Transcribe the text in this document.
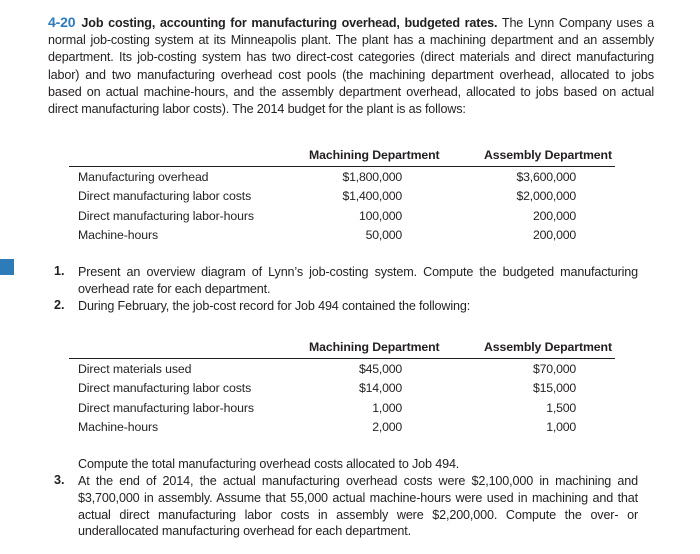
4-20 Job costing, accounting for manufacturing overhead, budgeted rates. The Lynn Company uses a normal job-costing system at its Minneapolis plant. The plant has a machining department and an assembly department. Its job-costing system has two direct-cost categories (direct materials and direct manufacturing labor) and two manufacturing overhead cost pools (the machining department overhead, allocated to jobs based on actual machine-hours, and the assembly department overhead, allocated to jobs based on actual direct manufacturing labor costs). The 2014 budget for the plant is as follows:
Machining Department	Assembly Department
Manufacturing overhead	$1,800,000	$3,600,000
Direct manufacturing labor costs	$1,400,000	$2,000,000
Direct manufacturing labor-hours	100,000	200,000
Machine-hours	50,000	200,000
1. Present an overview diagram of Lynn’s job-costing system. Compute the budgeted manufacturing overhead rate for each department.
2. During February, the job-cost record for Job 494 contained the following:
Machining Department	Assembly Department
Direct materials used	$45,000	$70,000
Direct manufacturing labor costs	$14,000	$15,000
Direct manufacturing labor-hours	1,000	1,500
Machine-hours	2,000	1,000
Compute the total manufacturing overhead costs allocated to Job 494.
3. At the end of 2014, the actual manufacturing overhead costs were $2,100,000 in machining and $3,700,000 in assembly. Assume that 55,000 actual machine-hours were used in machining and that actual direct manufacturing labor costs in assembly were $2,200,000. Compute the over- or underallocated manufacturing overhead for each department.
